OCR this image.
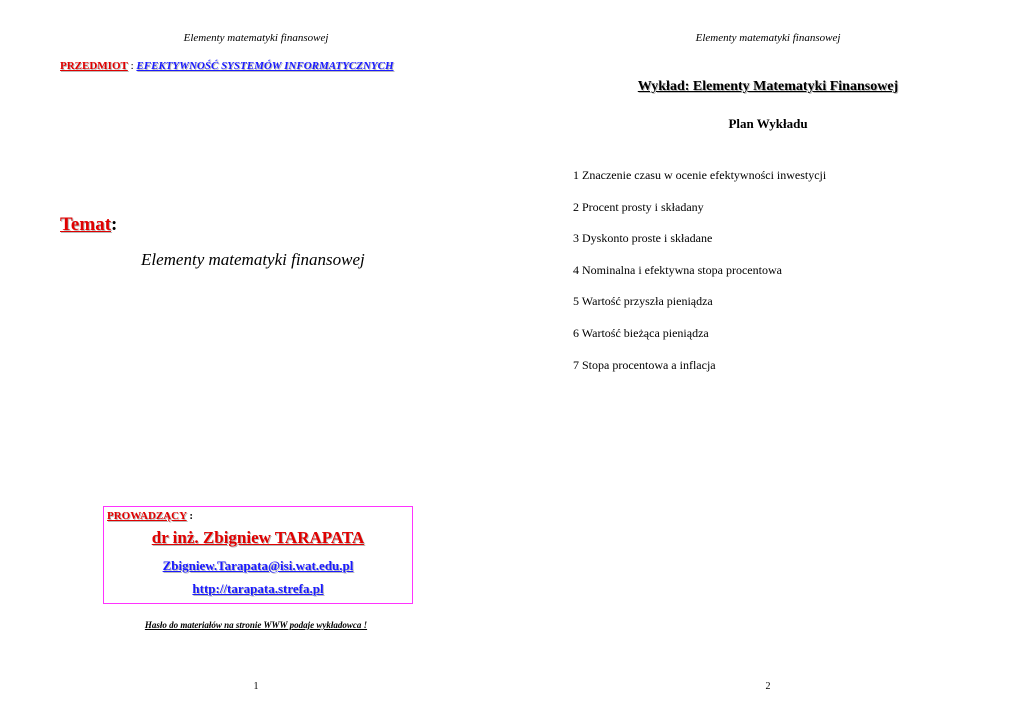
Elementy matematyki finansowej
PRZEDMIOT : EFEKTYWNOŚĆ SYSTEMÓW INFORMATYCZNYCH
Temat:
Elementy matematyki finansowej
PROWADZĄCY :
dr inż. Zbigniew TARAPATA
Zbigniew.Tarapata@isi.wat.edu.pl
http://tarapata.strefa.pl
Hasło do materiałów na stronie WWW podaje wykładowca !
1
Elementy matematyki finansowej
Wykład: Elementy Matematyki Finansowej
Plan Wykładu
1 Znaczenie czasu w ocenie efektywności inwestycji
2 Procent prosty i składany
3 Dyskonto proste i składane
4 Nominalna i efektywna stopa procentowa
5 Wartość przyszła pieniądza
6 Wartość bieżąca pieniądza
7 Stopa procentowa a inflacja
2
